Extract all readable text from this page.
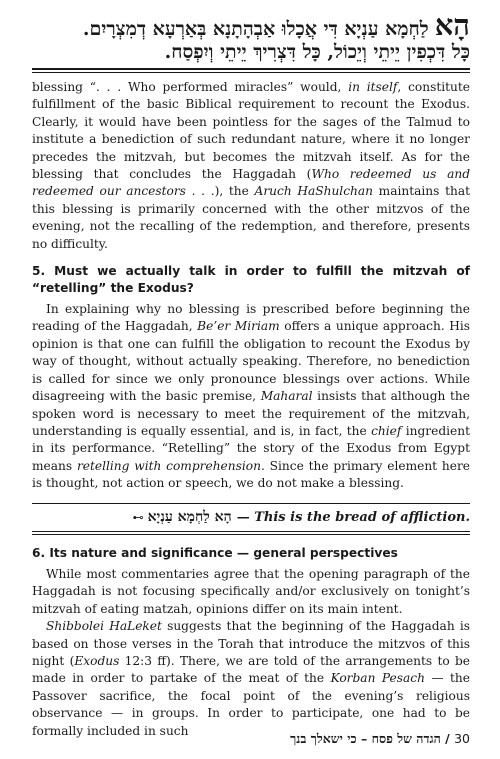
הָאלַחְמָא עַנְיָא דִּי אֲכָלוּ אַבְהָתָנָא בְּאַרְעָא דְמִצְרָיִם.
כָּל דִּכְפִין יֵיתֵי וְיֵכוֹל, כָּל דִּצְרִיךְ יֵיתֵי וְיִפְסַח.

blessing “. . . Who performed miracles” would, in itself, constitute fulfillment of the basic Biblical requirement to recount the Exodus. Clearly, it would have been pointless for the sages of the Talmud to institute a benediction of such redundant nature, where it no longer precedes the mitzvah, but becomes the mitzvah itself. As for the blessing that concludes the Haggadah (Who redeemed us and redeemed our ancestors . . .), the Aruch HaShulchan maintains that this blessing is primarily concerned with the other mitzvos of the evening, not the recalling of the redemption, and therefore, presents no difficulty.

5. Must we actually talk in order to fulfill the mitzvah of “retelling” the Exodus?

In explaining why no blessing is prescribed before beginning the reading of the Haggadah, Be’er Miriam offers a unique approach. His opinion is that one can fulfill the obligation to recount the Exodus by way of thought, without actually speaking. Therefore, no benediction is called for since we only pronounce blessings over actions. While disagreeing with the basic premise, Maharal insists that although the spoken word is necessary to meet the requirement of the mitzvah, understanding is equally essential, and is, in fact, the chief ingredient in its performance. “Retelling” the story of the Exodus from Egypt means retelling with comprehension. Since the primary element here is thought, not action or speech, we do not make a blessing.

⊷ הָא לַחְמָא עַנְיָא — This is the bread of affliction.
6. Its nature and significance — general perspectives

While most commentaries agree that the opening paragraph of the Haggadah is not focusing specifically and/or exclusively on tonight’s mitzvah of eating matzah, opinions differ on its main intent.

Shibbolei HaLeket suggests that the beginning of the Haggadah is based on those verses in the Torah that introduce the mitzvos of this night (Exodus 12:3 ff). There, we are told of the arrangements to be made in order to partake of the meat of the Korban Pesach — the Passover sacrifice, the focal point of the evening’s religious observance — in groups. In order to participate, one had to be formally included in such

30 / הגדה של פסח – כי ישאלך בנך
